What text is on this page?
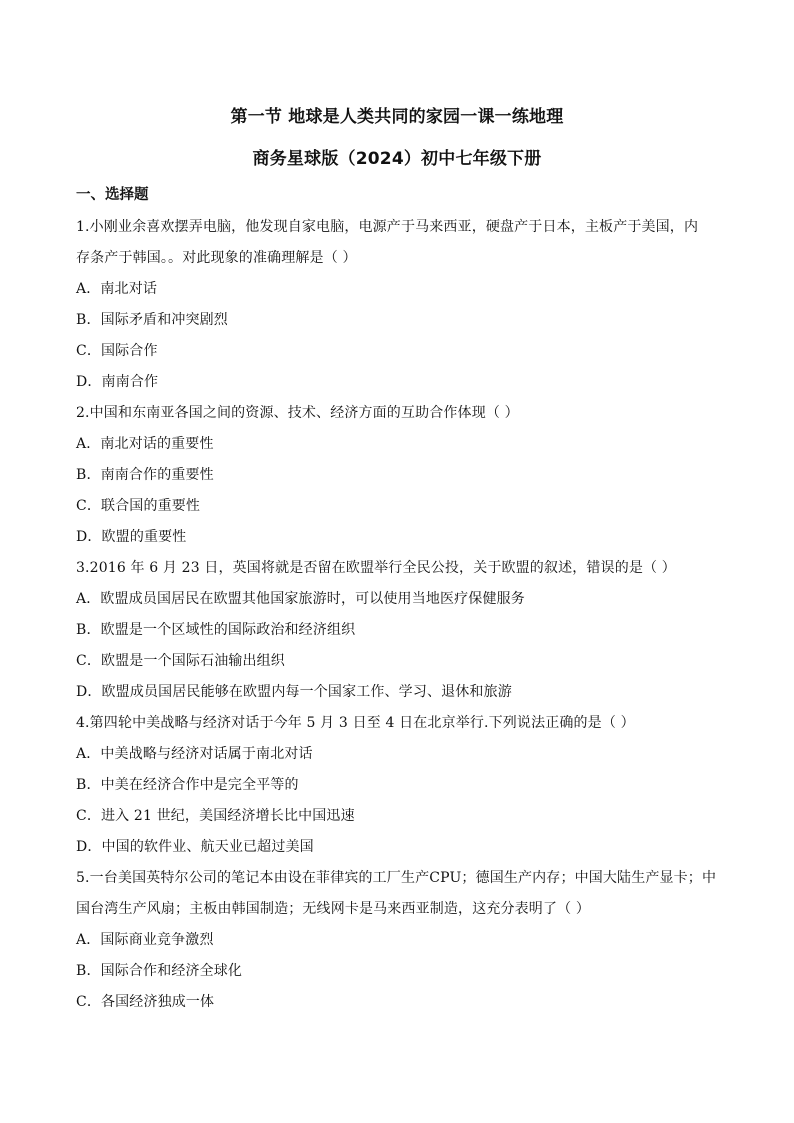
第一节 地球是人类共同的家园一课一练地理
商务星球版（2024）初中七年级下册
一、选择题
1.小刚业余喜欢摆弄电脑，他发现自家电脑，电源产于马来西亚，硬盘产于日本，主板产于美国，内
存条产于韩国。。对此现象的准确理解是（ ）
A．南北对话
B．国际矛盾和冲突剧烈
C．国际合作
D．南南合作
2.中国和东南亚各国之间的资源、技术、经济方面的互助合作体现（ ）
A．南北对话的重要性
B．南南合作的重要性
C．联合国的重要性
D．欧盟的重要性
3.2016 年 6 月 23 日，英国将就是否留在欧盟举行全民公投，关于欧盟的叙述，错误的是（ ）
A．欧盟成员国居民在欧盟其他国家旅游时，可以使用当地医疗保健服务
B．欧盟是一个区域性的国际政治和经济组织
C．欧盟是一个国际石油输出组织
D．欧盟成员国居民能够在欧盟内每一个国家工作、学习、退休和旅游
4.第四轮中美战略与经济对话于今年 5 月 3 日至 4 日在北京举行.下列说法正确的是（ ）
A．中美战略与经济对话属于南北对话
B．中美在经济合作中是完全平等的
C．进入 21 世纪，美国经济增长比中国迅速
D．中国的软件业、航天业已超过美国
5.一台美国英特尔公司的笔记本由设在菲律宾的工厂生产CPU；德国生产内存；中国大陆生产显卡；中
国台湾生产风扇；主板由韩国制造；无线网卡是马来西亚制造，这充分表明了（ ）
A．国际商业竞争激烈
B．国际合作和经济全球化
C．各国经济独成一体
